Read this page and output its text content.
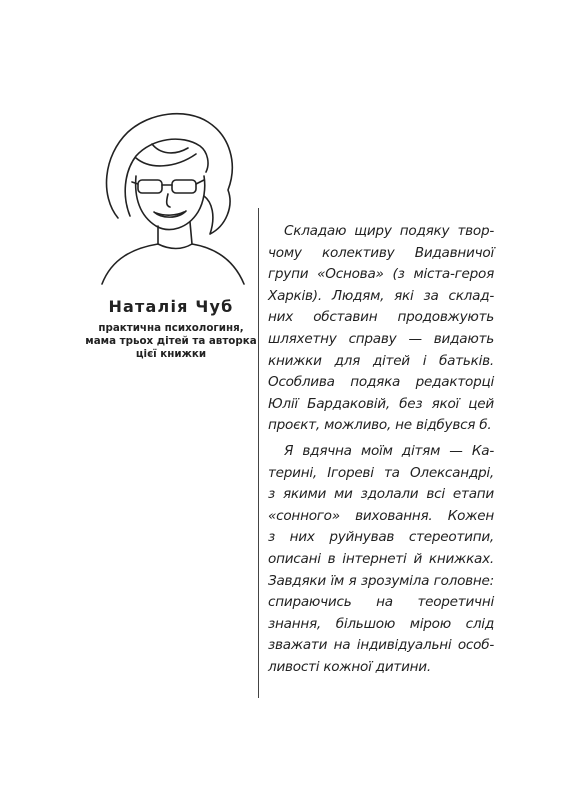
Наталія Чуб

практична психологиня,
мама трьох дітей та авторка
цієї книжки

Складаю щиру подяку твор-
чому колективу Видавничої
групи «Основа» (з міста-героя
Харків). Людям, які за склад-
них обставин продовжують
шляхетну справу — видають
книжки для дітей і батьків.
Особлива подяка редакторці
Юлії Бардаковій, без якої цей
проєкт, можливо, не відбувся б.

Я вдячна моїм дітям — Ка-
терині, Ігореві та Олександрі,
з якими ми здолали всі етапи
«сонного» виховання. Кожен
з них руйнував стереотипи,
описані в інтернеті й книжках.
Завдяки їм я зрозуміла головне:
спираючись на теоретичні
знання, більшою мірою слід
зважати на індивідуальні особ-
ливості кожної дитини.
